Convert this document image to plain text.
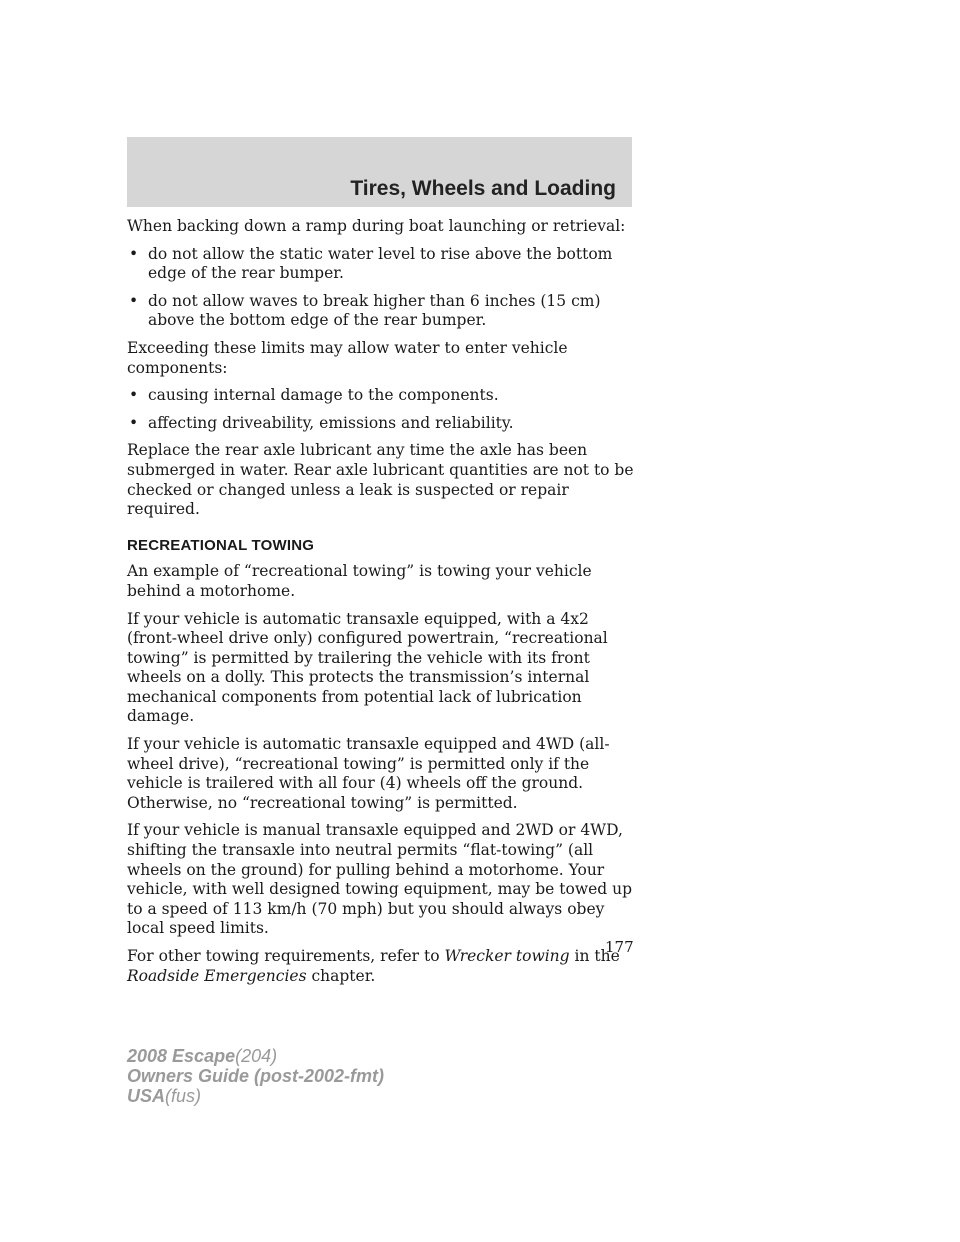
Tires, Wheels and Loading

When backing down a ramp during boat launching or retrieval:

• do not allow the static water level to rise above the bottom edge of the rear bumper.
• do not allow waves to break higher than 6 inches (15 cm) above the bottom edge of the rear bumper.

Exceeding these limits may allow water to enter vehicle components:

• causing internal damage to the components.
• affecting driveability, emissions and reliability.

Replace the rear axle lubricant any time the axle has been submerged in water. Rear axle lubricant quantities are not to be checked or changed unless a leak is suspected or repair required.

RECREATIONAL TOWING

An example of “recreational towing” is towing your vehicle behind a motorhome.

If your vehicle is automatic transaxle equipped, with a 4x2 (front-wheel drive only) configured powertrain, “recreational towing” is permitted by trailering the vehicle with its front wheels on a dolly. This protects the transmission’s internal mechanical components from potential lack of lubrication damage.

If your vehicle is automatic transaxle equipped and 4WD (all-wheel drive), “recreational towing” is permitted only if the vehicle is trailered with all four (4) wheels off the ground. Otherwise, no “recreational towing” is permitted.

If your vehicle is manual transaxle equipped and 2WD or 4WD, shifting the transaxle into neutral permits “flat-towing” (all wheels on the ground) for pulling behind a motorhome. Your vehicle, with well designed towing equipment, may be towed up to a speed of 113 km/h (70 mph) but you should always obey local speed limits.

For other towing requirements, refer to Wrecker towing in the Roadside Emergencies chapter.

177
2008 Escape(204)
Owners Guide (post-2002-fmt)
USA(fus)
